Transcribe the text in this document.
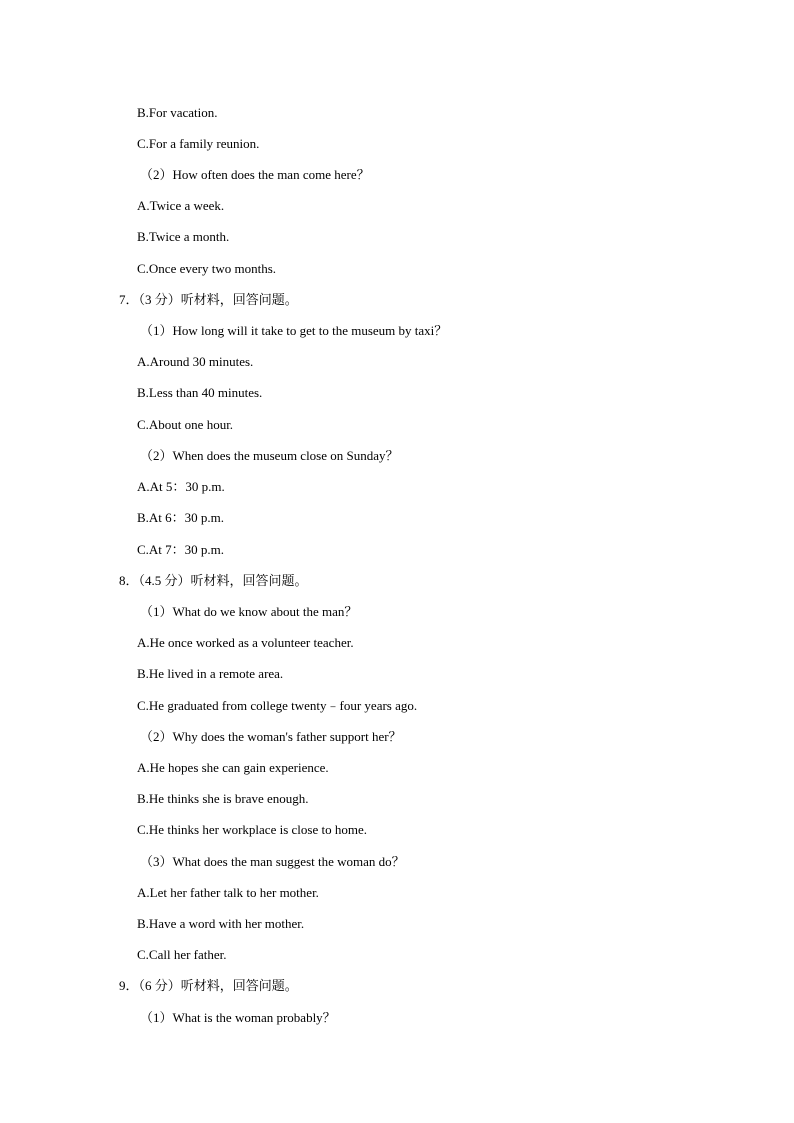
B.For vacation.
C.For a family reunion.
（2）How often does the man come here？
A.Twice a week.
B.Twice a month.
C.Once every two months.
7．（3 分）听材料，回答问题。
（1）How long will it take to get to the museum by taxi？
A.Around 30 minutes.
B.Less than 40 minutes.
C.About one hour.
（2）When does the museum close on Sunday？
A.At 5：30 p.m.
B.At 6：30 p.m.
C.At 7：30 p.m.
8．（4.5 分）听材料，回答问题。
（1）What do we know about the man？
A.He once worked as a volunteer teacher.
B.He lived in a remote area.
C.He graduated from college twenty﹣four years ago.
（2）Why does the woman's father support her？
A.He hopes she can gain experience.
B.He thinks she is brave enough.
C.He thinks her workplace is close to home.
（3）What does the man suggest the woman do？
A.Let her father talk to her mother.
B.Have a word with her mother.
C.Call her father.
9．（6 分）听材料，回答问题。
（1）What is the woman probably？
